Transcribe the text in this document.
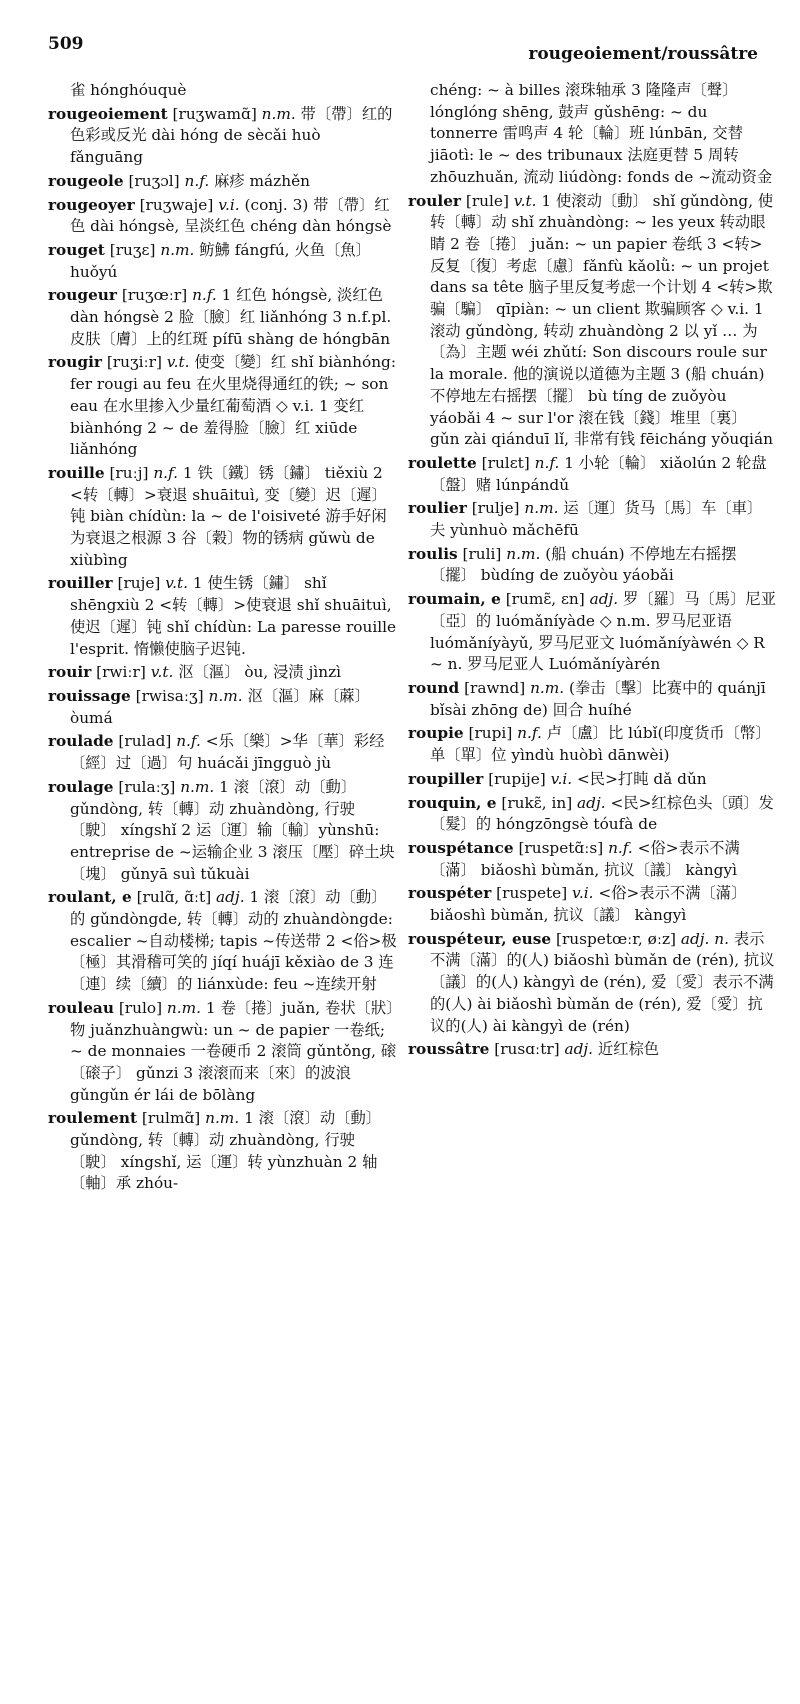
509	rougeoiement/roussâtre
雀 hónghóuquè
rougeoiement [ruʒwamɑ̃] n.m. 带〔帶〕红的色彩或反光 dài hóng de sècǎi huò fǎnguāng
rougeole [ruʒɔl] n.f. 麻疹 mázhěn
rougeoyer [ruʒwaje] v.i. (conj. 3) 带〔帶〕红色 dài hóngsè, 呈淡红色 chéng dàn hóngsè
rouget [ruʒɛ] n.m. 鲂鮄 fángfú, 火鱼〔魚〕 huǒyú
rougeur [ruʒœːr] n.f. 1 红色 hóngsè, 淡红色 dàn hóngsè 2 脸〔臉〕红 liǎnhóng 3 n.f.pl. 皮肤〔膚〕上的红斑 pífū shàng de hóngbān
rougir [ruʒiːr] v.t. 使变〔變〕红 shǐ biànhóng: fer rougi au feu 在火里烧得通红的铁; ~ son eau 在水里掺入少量红葡萄酒 ◇ v.i. 1 变红 biànhóng 2 ~ de 羞得脸〔臉〕红 xiūde liǎnhóng
rouille [ruːj] n.f. 1 铁〔鐵〕锈〔鏽〕 tiěxiù 2 <转〔轉〕>衰退 shuāituì, 变〔變〕迟〔遲〕钝 biàn chídùn: la ~ de l'oisiveté 游手好闲为衰退之根源 3 谷〔穀〕物的锈病 gǔwù de xiùbìng
rouiller [ruje] v.t. 1 使生锈〔鏽〕 shǐ shēngxiù 2 <转〔轉〕>使衰退 shǐ shuāituì, 使迟〔遲〕钝 shǐ chídùn: La paresse rouille l'esprit. 惰懒使脑子迟钝.
rouir [rwiːr] v.t. 沤〔漚〕 òu, 浸渍 jìnzì
rouissage [rwisaːʒ] n.m. 沤〔漚〕麻〔蔴〕 òumá
roulade [rulad] n.f. <乐〔樂〕>华〔華〕彩经〔經〕过〔過〕句 huácǎi jīngguò jù
roulage [rulaːʒ] n.m. 1 滚〔滾〕动〔動〕 gǔndòng, 转〔轉〕动 zhuàndòng, 行驶〔駛〕 xíngshǐ 2 运〔運〕输〔輸〕yùnshū: entreprise de ~运输企业 3 滚压〔壓〕碎土块〔塊〕 gǔnyā suì tǔkuài
roulant, e [rulɑ̃, ɑ̃ːt] adj. 1 滚〔滾〕动〔動〕的 gǔndòngde, 转〔轉〕动的 zhuàndòngde: escalier ~自动楼梯; tapis ~传送带 2 <俗>极〔極〕其滑稽可笑的 jíqí huájī kěxiào de 3 连〔連〕续〔續〕的 liánxùde: feu ~连续开射
rouleau [rulo] n.m. 1 卷〔捲〕juǎn, 卷状〔狀〕物 juǎnzhuàngwù: un ~ de papier 一卷纸; ~ de monnaies 一卷硬币 2 滚筒 gǔntǒng, 磙〔磙子〕 gǔnzi 3 滚滚而来〔來〕的波浪 gǔngǔn ér lái de bōlàng
roulement [rulmɑ̃] n.m. 1 滚〔滾〕动〔動〕 gǔndòng, 转〔轉〕动 zhuàndòng, 行驶〔駛〕 xíngshǐ, 运〔運〕转 yùnzhuàn 2 轴〔軸〕承 zhóu-
chéng: ~ à billes 滚珠轴承 3 隆隆声〔聲〕 lónglóng shēng, 鼓声 gǔshēng: ~ du tonnerre 雷鸣声 4 轮〔輪〕班 lúnbān, 交替 jiāotì: le ~ des tribunaux 法庭更替 5 周转 zhōuzhuǎn, 流动 liúdòng: fonds de ~流动资金
rouler [rule] v.t. 1 使滚动〔動〕 shǐ gǔndòng, 使转〔轉〕动 shǐ zhuàndòng: ~ les yeux 转动眼睛 2 卷〔捲〕 juǎn: ~ un papier 卷纸 3 <转> 反复〔復〕考虑〔慮〕fǎnfù kǎolǜ: ~ un projet dans sa tête 脑子里反复考虑一个计划 4 <转>欺骗〔騙〕 qīpiàn: ~ un client 欺骗顾客 ◇ v.i. 1 滚动 gǔndòng, 转动 zhuàndòng 2 以 yǐ … 为〔為〕主题 wéi zhǔtí: Son discours roule sur la morale. 他的演说以道德为主题 3 (船 chuán) 不停地左右摇摆〔擺〕 bù tíng de zuǒyòu yáobǎi 4 ~ sur l'or 滚在钱〔錢〕堆里〔裏〕 gǔn zài qiánduī lǐ, 非常有钱 fēicháng yǒuqián
roulette [rulɛt] n.f. 1 小轮〔輪〕 xiǎolún 2 轮盘〔盤〕赌 lúnpándǔ
roulier [rulje] n.m. 运〔運〕货马〔馬〕车〔車〕夫 yùnhuò mǎchēfū
roulis [ruli] n.m. (船 chuán) 不停地左右摇摆〔擺〕 bùdíng de zuǒyòu yáobǎi
roumain, e [rumɛ̃, ɛn] adj. 罗〔羅〕马〔馬〕尼亚〔亞〕的 luómǎníyàde ◇ n.m. 罗马尼亚语 luómǎníyàyǔ, 罗马尼亚文 luómǎníyàwén ◇ R ~ n. 罗马尼亚人 Luómǎníyàrén
round [rawnd] n.m. (拳击〔擊〕比赛中的 quánjī bǐsài zhōng de) 回合 huíhé
roupie [rupi] n.f. 卢〔盧〕比 lúbǐ(印度货币〔幣〕单〔單〕位 yìndù huòbì dānwèi)
roupiller [rupije] v.i. <民>打盹 dǎ dǔn
rouquin, e [rukɛ̃, in] adj. <民>红棕色头〔頭〕发〔髮〕的 hóngzōngsè tóufà de
rouspétance [ruspetɑ̃ːs] n.f. <俗>表示不满〔滿〕 biǎoshì bùmǎn, 抗议〔議〕 kàngyì
rouspéter [ruspete] v.i. <俗>表示不满〔滿〕 biǎoshì bùmǎn, 抗议〔議〕 kàngyì
rouspéteur, euse [ruspetœːr, øːz] adj. n. 表示不满〔滿〕的(人) biǎoshì bùmǎn de (rén), 抗议〔議〕的(人) kàngyì de (rén), 爱〔愛〕表示不满的(人) ài biǎoshì bùmǎn de (rén), 爱〔愛〕抗议的(人) ài kàngyì de (rén)
roussâtre [rusɑːtr] adj. 近红棕色
